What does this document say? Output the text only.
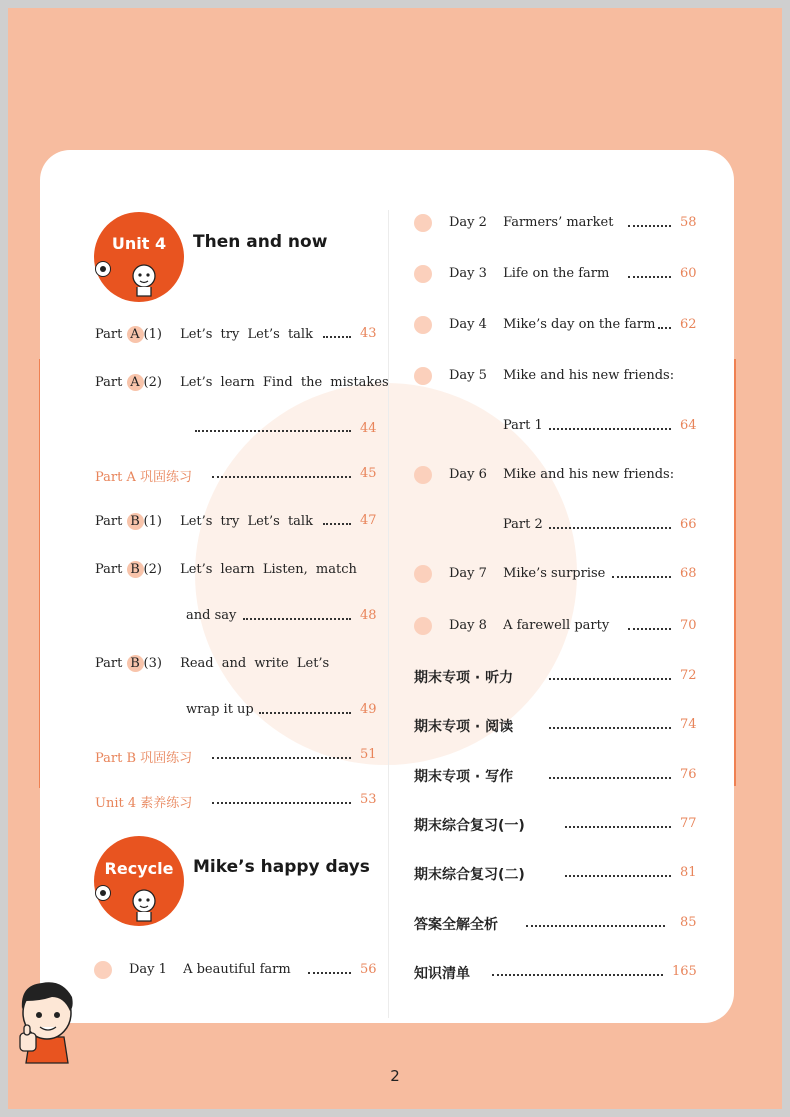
Unit 4	Then and now
Part A (1) Let’s try Let’s talk	43
Part A (2) Let’s learn Find the mistakes
44
Part A 巩固练习	45
Part B (1) Let’s try Let’s talk	47
Part B (2) Let’s learn Listen, match
and say	48
Part B (3) Read and write Let’s
wrap it up	49
Part B 巩固练习	51
Unit 4 素养练习	53
Recycle	Mike’s happy days
Day 1 A beautiful farm	56
Day 2 Farmers’ market	58
Day 3 Life on the farm	60
Day 4 Mike’s day on the farm 62
Day 5 Mike and his new friends:
Part 1	64
Day 6 Mike and his new friends:
Part 2	66
Day 7 Mike’s surprise	68
Day 8 A farewell party	70
期末专项 · 听力	72
期末专项 · 阅读	74
期末专项 · 写作	76
期末综合复习(一)	77
期末综合复习(二)	81
答案全解全析	85
知识清单	165
2
